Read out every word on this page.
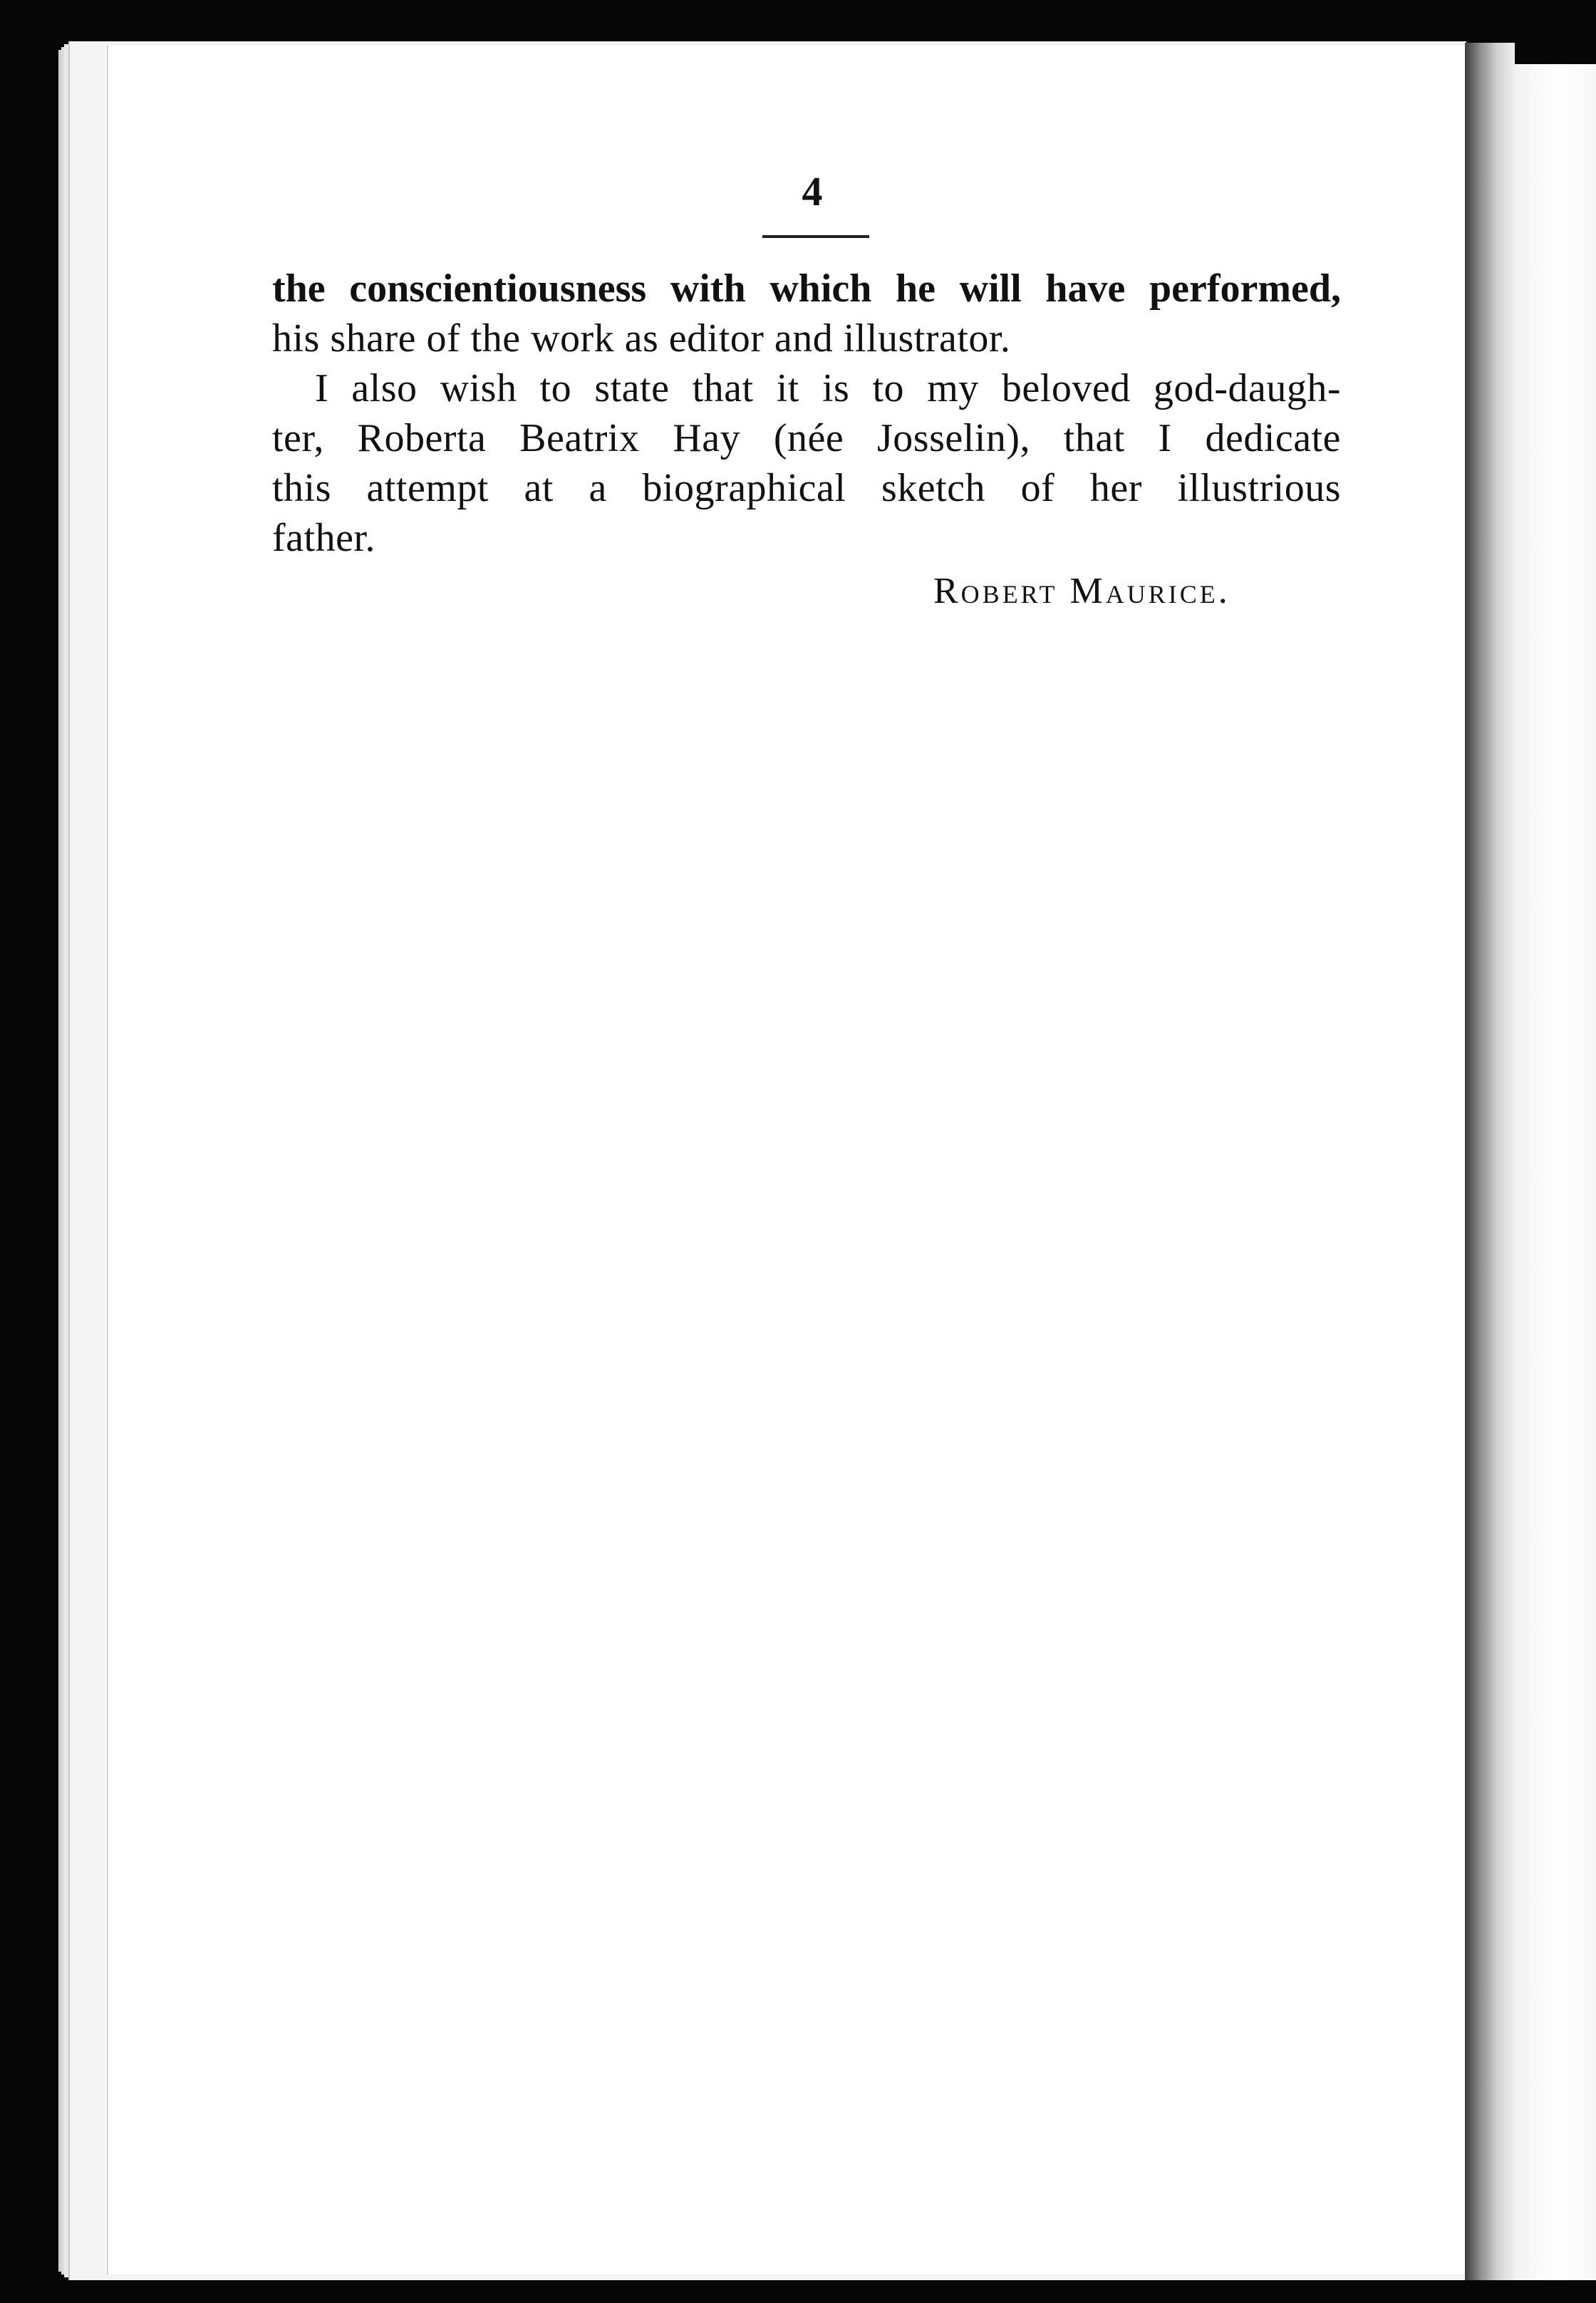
4
the conscientiousness with which he will have performed,
his share of the work as editor and illustrator.
I also wish to state that it is to my beloved god-daugh-
ter, Roberta Beatrix Hay (née Josselin), that I dedicate
this attempt at a biographical sketch of her illustrious
father.
Robert Maurice.
